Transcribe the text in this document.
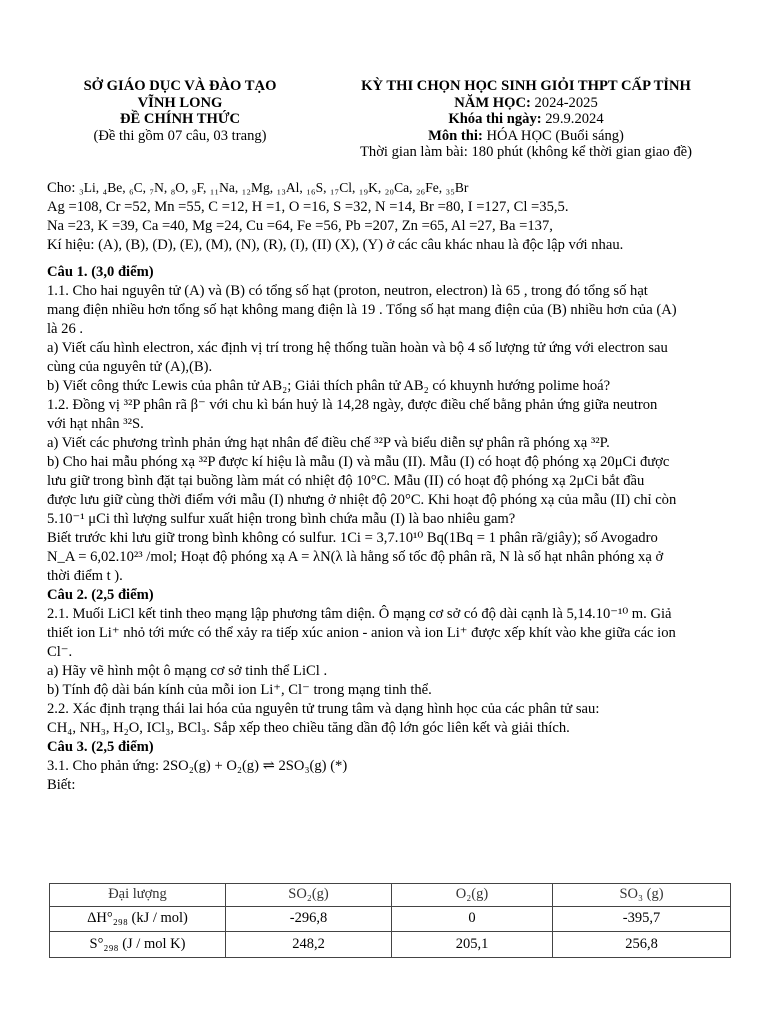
SỞ GIÁO DỤC VÀ ĐÀO TẠO
VĨNH LONG
ĐỀ CHÍNH THỨC
(Đề thi gồm 07 câu, 03 trang)
KỲ THI CHỌN HỌC SINH GIỎI THPT CẤP TỈNH
NĂM HỌC: 2024-2025
Khóa thi ngày: 29.9.2024
Môn thi: HÓA HỌC (Buổi sáng)
Thời gian làm bài: 180 phút (không kể thời gian giao đề)

Cho: ₃Li, ₄Be, ₆C, ₇N, ₈O, ₉F, ₁₁Na, ₁₂Mg, ₁₃Al, ₁₆S, ₁₇Cl, ₁₉K, ₂₀Ca, ₂₆Fe, ₃₅Br

Ag =108, Cr =52, Mn =55, C =12, H =1, O =16, S =32, N =14, Br =80, I =127, Cl =35,5.

Na =23, K =39, Ca =40, Mg =24, Cu =64, Fe =56, Pb =207, Zn =65, Al =27, Ba =137,

Kí hiệu: (A), (B), (D), (E), (M), (N), (R), (I), (II) (X), (Y) ở các câu khác nhau là độc lập với nhau.

Câu 1. (3,0 điểm)

1.1. Cho hai nguyên tử (A) và (B) có tổng số hạt (proton, neutron, electron) là 65 , trong đó tổng số hạt

mang điện nhiều hơn tổng số hạt không mang điện là 19 . Tổng số hạt mang điện của (B) nhiều hơn của (A)

là 26 .

a) Viết cấu hình electron, xác định vị trí trong hệ thống tuần hoàn và bộ 4 số lượng tử ứng với electron sau

cùng của nguyên tử (A),(B).

b) Viết công thức Lewis của phân tử AB₂; Giải thích phân tử AB₂ có khuynh hướng polime hoá?

1.2. Đồng vị ³²P phân rã β⁻ với chu kì bán huỷ là 14,28 ngày, được điều chế bằng phản ứng giữa neutron

với hạt nhân ³²S.

a) Viết các phương trình phản ứng hạt nhân để điều chế ³²P và biểu diễn sự phân rã phóng xạ ³²P.

b) Cho hai mẫu phóng xạ ³²P được kí hiệu là mẫu (I) và mẫu (II). Mẫu (I) có hoạt độ phóng xạ 20μCi được

lưu giữ trong bình đặt tại buồng làm mát có nhiệt độ 10°C. Mẫu (II) có hoạt độ phóng xạ 2μCi bắt đầu

được lưu giữ cùng thời điểm với mẫu (I) nhưng ở nhiệt độ 20°C. Khi hoạt độ phóng xạ của mẫu (II) chỉ còn

5.10⁻¹ μCi thì lượng sulfur xuất hiện trong bình chứa mẫu (I) là bao nhiêu gam?

Biết trước khi lưu giữ trong bình không có sulfur. 1Ci = 3,7.10¹⁰ Bq(1Bq = 1 phân rã/giây); số Avogadro

N_A = 6,02.10²³ /mol; Hoạt độ phóng xạ A = λN(λ là hằng số tốc độ phân rã, N là số hạt nhân phóng xạ ở

thời điểm t ).

Câu 2. (2,5 điểm)

2.1. Muối LiCl kết tinh theo mạng lập phương tâm diện. Ô mạng cơ sở có độ dài cạnh là 5,14.10⁻¹⁰ m. Giả

thiết ion Li⁺ nhỏ tới mức có thể xảy ra tiếp xúc anion - anion và ion Li⁺ được xếp khít vào khe giữa các ion

Cl⁻.

a) Hãy vẽ hình một ô mạng cơ sở tinh thể LiCl .

b) Tính độ dài bán kính của mỗi ion Li⁺, Cl⁻ trong mạng tinh thể.

2.2. Xác định trạng thái lai hóa của nguyên tử trung tâm và dạng hình học của các phân tử sau:

CH₄, NH₃, H₂O, ICl₃, BCl₃. Sắp xếp theo chiều tăng dần độ lớn góc liên kết và giải thích.

Câu 3. (2,5 điểm)

3.1. Cho phản ứng: 2SO₂(g) + O₂(g) ⇌ 2SO₃(g) (*)

Biết:

Đại lượng	SO₂(g)	O₂(g)	SO₃ (g)
ΔH°₂₉₈ (kJ / mol)	-296,8	0	-395,7
S°₂₉₈ (J / mol K)	248,2	205,1	256,8
